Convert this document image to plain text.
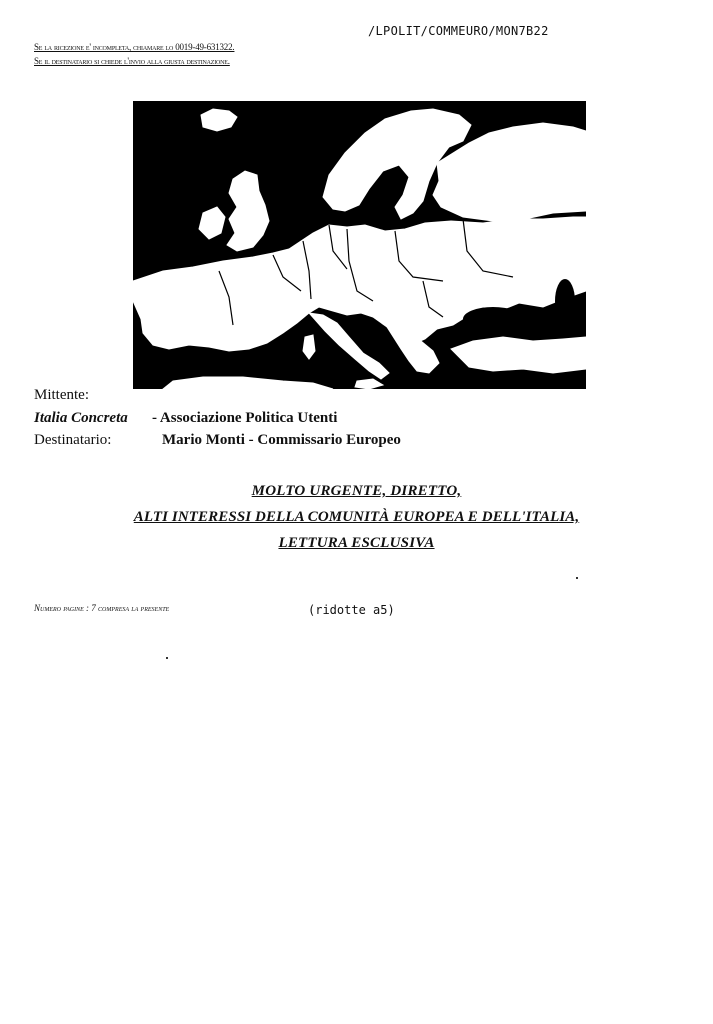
/LPOLIT/COMMEURO/MON7B22
Se la ricezione e' incompleta, chiamare lo 0019-49-631322.
Se il destinatario si chiede l'invio alla giusta destinazione.
Mittente:
Italia Concreta - Associazione Politica Utenti
Destinatario:	Mario Monti - Commissario Europeo
MOLTO URGENTE, DIRETTO,
ALTI INTERESSI DELLA COMUNITÀ EUROPEA E DELL'ITALIA,
LETTURA ESCLUSIVA
Numero pagine : 7 compresa la presente	(ridotte a5)
